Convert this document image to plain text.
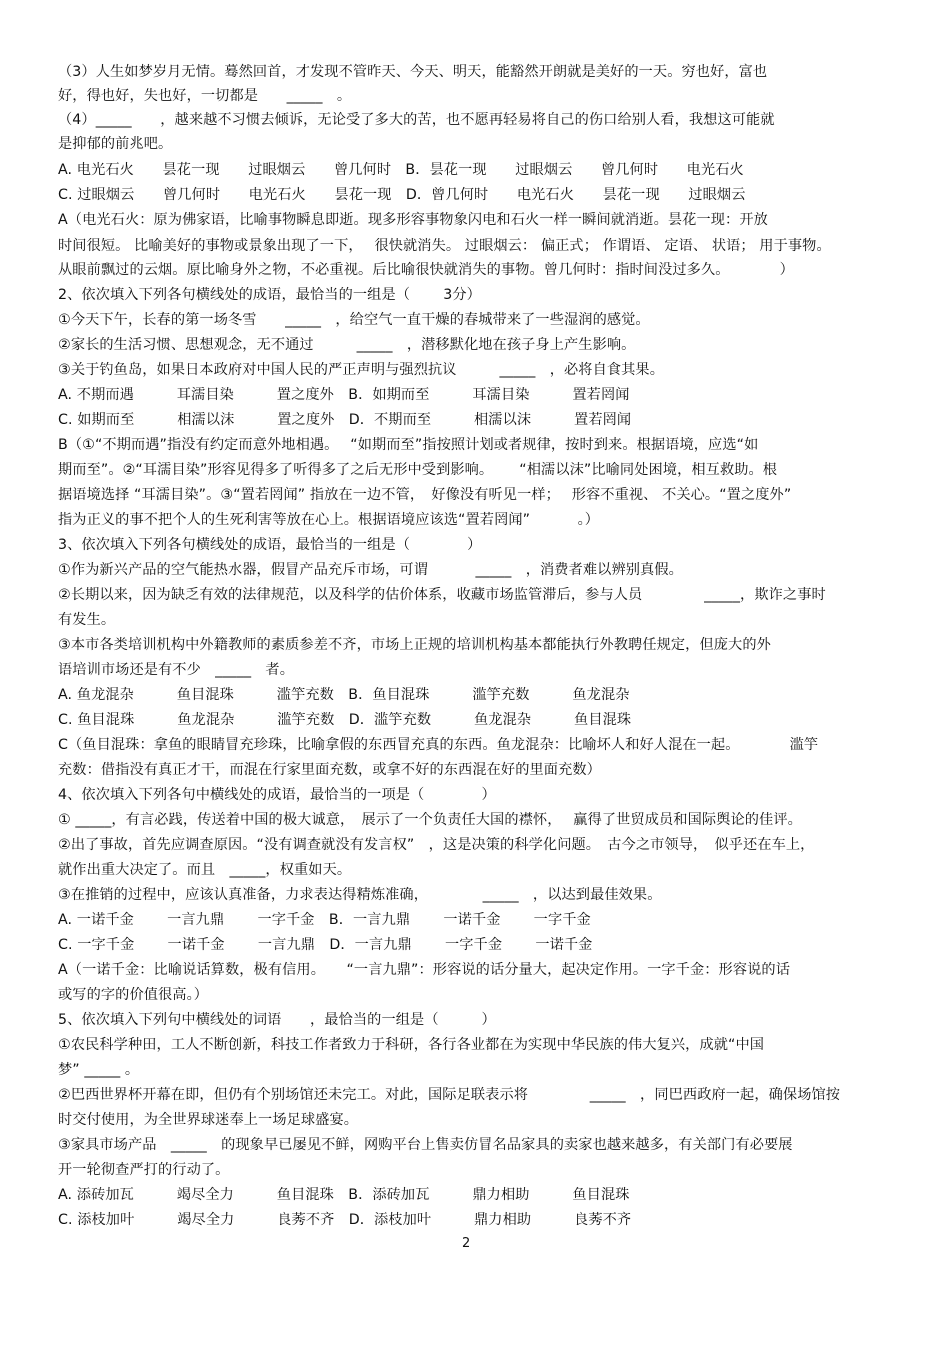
（3）人生如梦岁月无情。蓦然回首，才发现不管昨天、今天、明天，能豁然开朗就是美好的一天。穷也好，富也
好，得也好，失也好，一切都是　　_____　。
（4）_____　　，越来越不习惯去倾诉，无论受了多大的苦，也不愿再轻易将自己的伤口给别人看，我想这可能就
是抑郁的前兆吧。
A. 电光石火　　昙花一现　　过眼烟云　　曾几何时　B．昙花一现　　过眼烟云　　曾几何时　　电光石火
C. 过眼烟云　　曾几何时　　电光石火　　昙花一现　D．曾几何时　　电光石火　　昙花一现　　过眼烟云
A（电光石火：原为佛家语，比喻事物瞬息即逝。现多形容事物象闪电和石火一样一瞬间就消逝。昙花一现：开放
时间很短。 比喻美好的事物或景象出现了一下，　 很快就消失。 过眼烟云： 偏正式； 作谓语、 定语、 状语； 用于事物。
从眼前飘过的云烟。原比喻身外之物，不必重视。后比喻很快就消失的事物。曾几何时：指时间没过多久。　　　　）
2、依次填入下列各句横线处的成语，最恰当的一组是（　　 3分）
①今天下午，长春的第一场冬雪　　_____　，给空气一直干燥的春城带来了一些湿润的感觉。
②家长的生活习惯、思想观念，无不通过　　　_____　，潜移默化地在孩子身上产生影响。
③关于钓鱼岛，如果日本政府对中国人民的严正声明与强烈抗议　　　_____　，必将自食其果。
A. 不期而遇　　　耳濡目染　　　置之度外　B．如期而至　　　耳濡目染　　　置若罔闻
C. 如期而至　　　相濡以沫　　　置之度外　D．不期而至　　　相濡以沫　　　置若罔闻
B（①“不期而遇”指没有约定而意外地相遇。　 “如期而至”指按照计划或者规律，按时到来。根据语境，应选“如
期而至”。②“耳濡目染”形容见得多了听得多了之后无形中受到影响。　　 “相濡以沫”比喻同处困境，相互救助。根
据语境选择 “耳濡目染”。③“置若罔闻” 指放在一边不管，　好像没有听见一样；　 形容不重视、 不关心。“置之度外”
指为正义的事不把个人的生死利害等放在心上。根据语境应该选“置若罔闻”　　　 。）
3、依次填入下列各句横线处的成语，最恰当的一组是（　　　　）
①作为新兴产品的空气能热水器，假冒产品充斥市场，可谓　　　 _____　，消费者难以辨别真假。
②长期以来，因为缺乏有效的法律规范，以及科学的估价体系，收藏市场监管滞后，参与人员　　　　 _____，欺诈之事时
有发生。
③本市各类培训机构中外籍教师的素质参差不齐，市场上正规的培训机构基本都能执行外教聘任规定，但庞大的外
语培训市场还是有不少　_____　者。
A. 鱼龙混杂　　　鱼目混珠　　　滥竽充数　B．鱼目混珠　　　滥竽充数　　　鱼龙混杂
C. 鱼目混珠　　　鱼龙混杂　　　滥竽充数　D．滥竽充数　　　鱼龙混杂　　　鱼目混珠
C（鱼目混珠：拿鱼的眼睛冒充珍珠，比喻拿假的东西冒充真的东西。鱼龙混杂：比喻坏人和好人混在一起。　　　　滥竽
充数：借指没有真正才干，而混在行家里面充数，或拿不好的东西混在好的里面充数）
4、依次填入下列各句中横线处的成语，最恰当的一项是（　　　　）
① _____，有言必践，传送着中国的极大诚意，　展示了一个负责任大国的襟怀，　 赢得了世贸成员和国际舆论的佳评。
②出了事故，首先应调查原因。“没有调查就没有发言权”　，这是决策的科学化问题。　古今之市领导，　似乎还在车上，
就作出重大决定了。而且　_____，权重如天。
③在推销的过程中，应该认真准备，力求表达得精炼准确，　　　　 _____　，以达到最佳效果。
A. 一诺千金　　 一言九鼎　　 一字千金　B．一言九鼎　　 一诺千金　　 一字千金
C. 一字千金　　 一诺千金　　 一言九鼎　D．一言九鼎　　 一字千金　　 一诺千金
A（一诺千金：比喻说话算数，极有信用。　　“一言九鼎”：形容说的话分量大，起决定作用。一字千金：形容说的话
或写的字的价值很高。）
5、依次填入下列句中横线处的词语　　，最恰当的一组是（　　　）
①农民科学种田，工人不断创新，科技工作者致力于科研，各行各业都在为实现中华民族的伟大复兴，成就“中国
梦” _____ 。
②巴西世界杯开幕在即，但仍有个别场馆还未完工。对此，国际足联表示将　　　　 _____　，同巴西政府一起，确保场馆按
时交付使用，为全世界球迷奉上一场足球盛宴。
③家具市场产品　_____　的现象早已屡见不鲜，网购平台上售卖仿冒名品家具的卖家也越来越多，有关部门有必要展
开一轮彻查严打的行动了。
A. 添砖加瓦　　　竭尽全力　　　鱼目混珠　B．添砖加瓦　　　鼎力相助　　　鱼目混珠
C. 添枝加叶　　　竭尽全力　　　良莠不齐　D．添枝加叶　　　鼎力相助　　　良莠不齐
2
